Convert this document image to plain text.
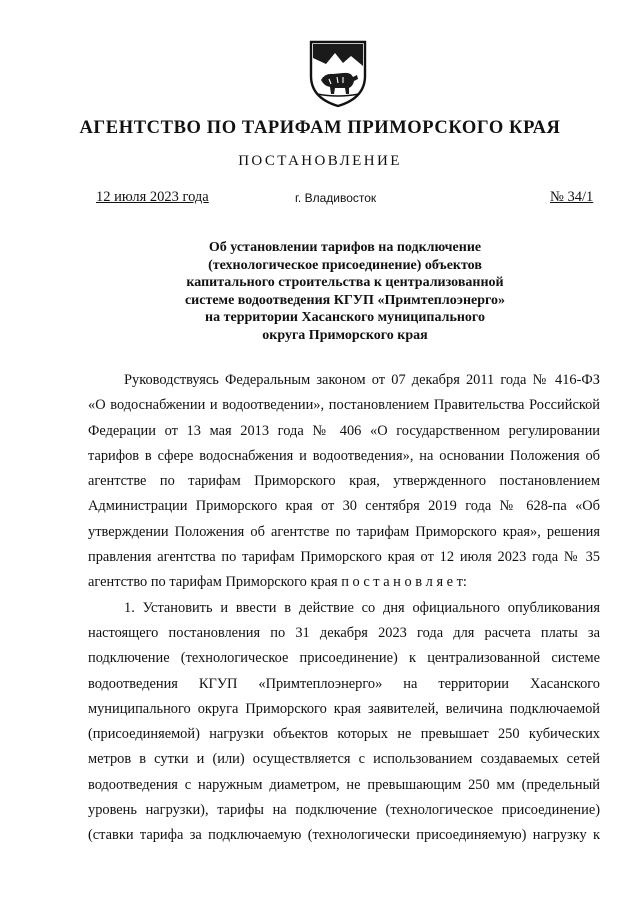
АГЕНТСТВО ПО ТАРИФАМ ПРИМОРСКОГО КРАЯ
ПОСТАНОВЛЕНИЕ
12 июля 2023 года	г. Владивосток	№ 34/1
Об установлении тарифов на подключение
(технологическое присоединение) объектов
капитального строительства к централизованной
системе водоотведения КГУП «Примтеплоэнерго»
на территории Хасанского муниципального
округа Приморского края
Руководствуясь Федеральным законом от 07 декабря 2011 года № 416-ФЗ
«О водоснабжении и водоотведении», постановлением Правительства Российской
Федерации от 13 мая 2013 года № 406 «О государственном регулировании
тарифов в сфере водоснабжения и водоотведения», на основании Положения об
агентстве по тарифам Приморского края, утвержденного постановлением
Администрации Приморского края от 30 сентября 2019 года № 628-па «Об
утверждении Положения об агентстве по тарифам Приморского края», решения
правления агентства по тарифам Приморского края от 12 июля 2023 года № 35
агентство по тарифам Приморского края п о с т а н о в л я е т:
1. Установить и ввести в действие со дня официального опубликования
настоящего постановления по 31 декабря 2023 года для расчета платы за
подключение (технологическое присоединение) к централизованной системе
водоотведения КГУП «Примтеплоэнерго» на территории Хасанского
муниципального округа Приморского края заявителей, величина подключаемой
(присоединяемой) нагрузки объектов которых не превышает 250 кубических
метров в сутки и (или) осуществляется с использованием создаваемых сетей
водоотведения с наружным диаметром, не превышающим 250 мм (предельный
уровень нагрузки), тарифы на подключение (технологическое присоединение)
(ставки тарифа за подключаемую (технологически присоединяемую) нагрузку к
